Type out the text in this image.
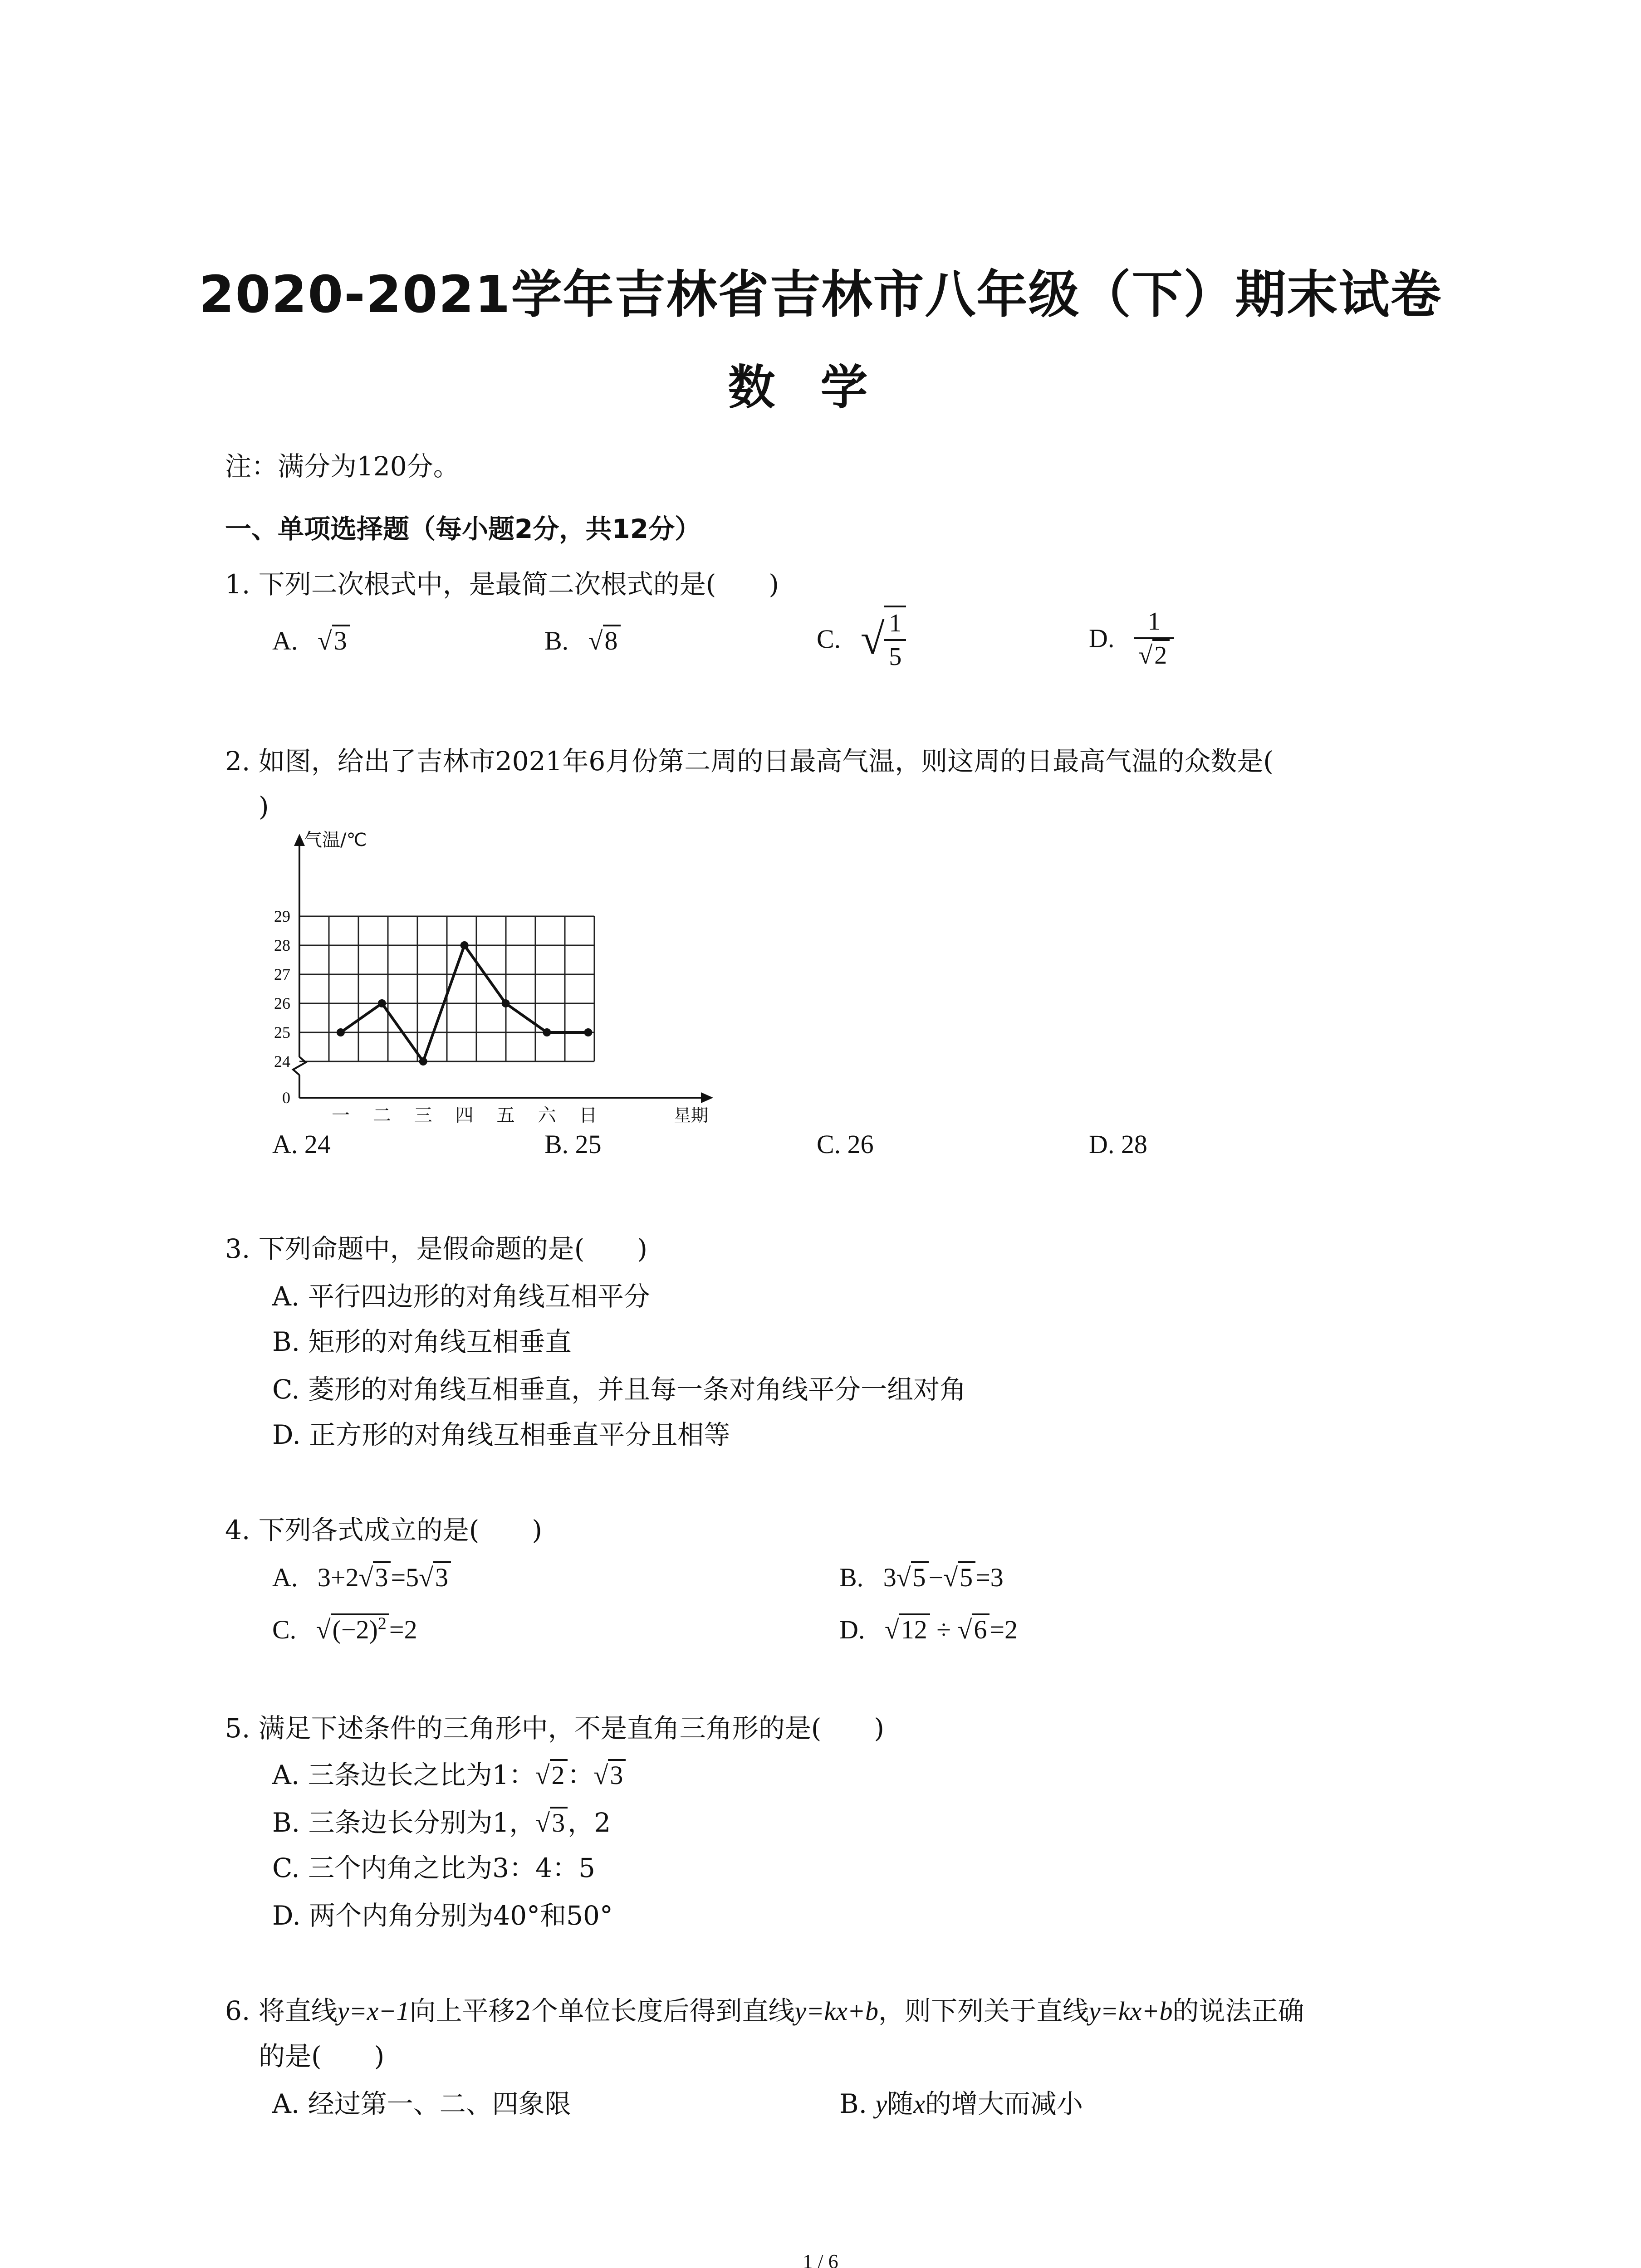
2020-2021学年吉林省吉林市八年级（下）期末试卷
数学
注：满分为120分。
一、单项选择题（每小题2分，共12分）
1. 下列二次根式中，是最简二次根式的是(　　)
A. √3	B. √8	C. √ $\frac{1}{5}$	D. $\frac{1}{√2}$
2. 如图，给出了吉林市2021年6月份第二周的日最高气温，则这周的日最高气温的众数是(
)
气温/℃
星期
24
25
26
27
28
29
0
一 二 三 四 五 六 日
A. 24	B. 25	C. 26	D. 28
3. 下列命题中，是假命题的是(　　)
A. 平行四边形的对角线互相平分
B. 矩形的对角线互相垂直
C. 菱形的对角线互相垂直，并且每一条对角线平分一组对角
D. 正方形的对角线互相垂直平分且相等
4. 下列各式成立的是(　　)
A. 3+2√3 =5√3	B. 3√5 −√5 =3
C. $√(-2)^2 =2$	D. √12 ÷ √6 =2
5. 满足下述条件的三角形中，不是直角三角形的是(　　)
A. 三条边长之比为1：√2 ：√3
B. 三条边长分别为1，√3 ，2
C. 三个内角之比为3：4：5
D. 两个内角分别为40°和50°
6. 将直线y=x−1向上平移2个单位长度后得到直线y=kx+b，则下列关于直线y=kx+b的说法正确
的是(　　)
A. 经过第一、二、四象限	B. y随x的增大而减小
1 / 6
